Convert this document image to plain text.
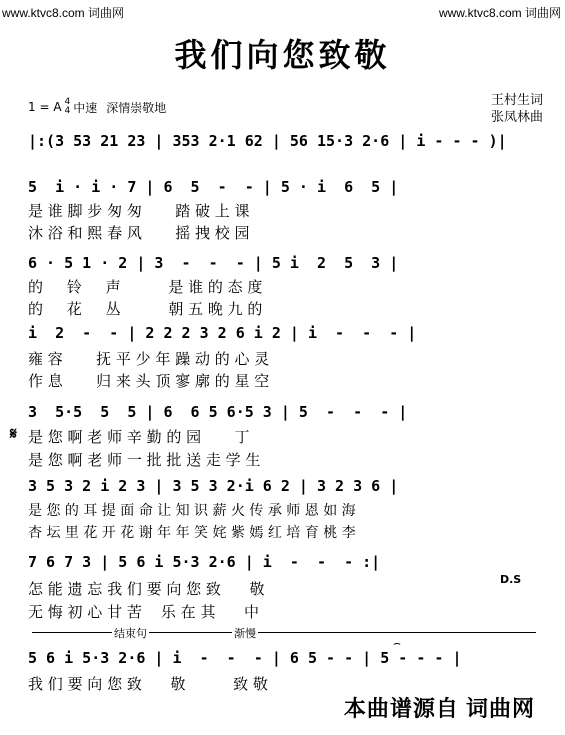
www.ktvc8.com 词曲网	www.ktvc8.com 词曲网
我们向您致敬
1 = A 4
4 中速 深情崇敬地	王村生词
张凤林曲
|:(3 53 21 23 | 353 2·1 62 | 56 15·3 2·6 | i - - - )|
5  i · i · 7 | 6  5  -  - | 5 · i  6  5 |
是 谁 脚 步 匆 匆       踏 破 上 课
沐 浴 和 熙 春 风       摇 拽 校 园
6 · 5 1 · 2 | 3  -  -  - | 5 i  2  5  3 |
的     铃     声          是 谁 的 态 度
的     花     丛          朝 五 晚 九 的
i  2  -  - | 2 2 2 3 2 6 i 2 | i  -  -  - |
雍 容       抚 平 少 年 躁 动 的 心 灵
作 息       归 来 头 顶 寥 廓 的 星 空
3  5·5  5  5 | 6  6 5 6·5 3 | 5  -  -  - |
𝄋 是 您 啊 老 师 辛 勤 的 园       丁
是 您 啊 老 师 一 批 批 送 走 学 生
3 5 3 2 i 2 3 | 3 5 3 2·i 6 2 | 3 2 3 6 |
是 您 的 耳 提 面 命 让 知 识 薪 火 传 承 师 恩 如 海
杏 坛 里 花 开 花 谢 年 年 笑 姹 紫 嫣 红 培 育 桃 李
7 6 7 3 | 5 6 i 5·3 2·6 | i  -  -  - :|
D.S
怎 能 遗 忘 我 们 要 向 您 致      敬
无 悔 初 心 甘 苦    乐 在 其      中
结束句	渐慢
⌢
5 6 i 5·3 2·6 | i  -  -  - | 6 5 - - | 5 - - - |
我 们 要 向 您 致      敬          致 敬
本曲谱源自 词曲网
